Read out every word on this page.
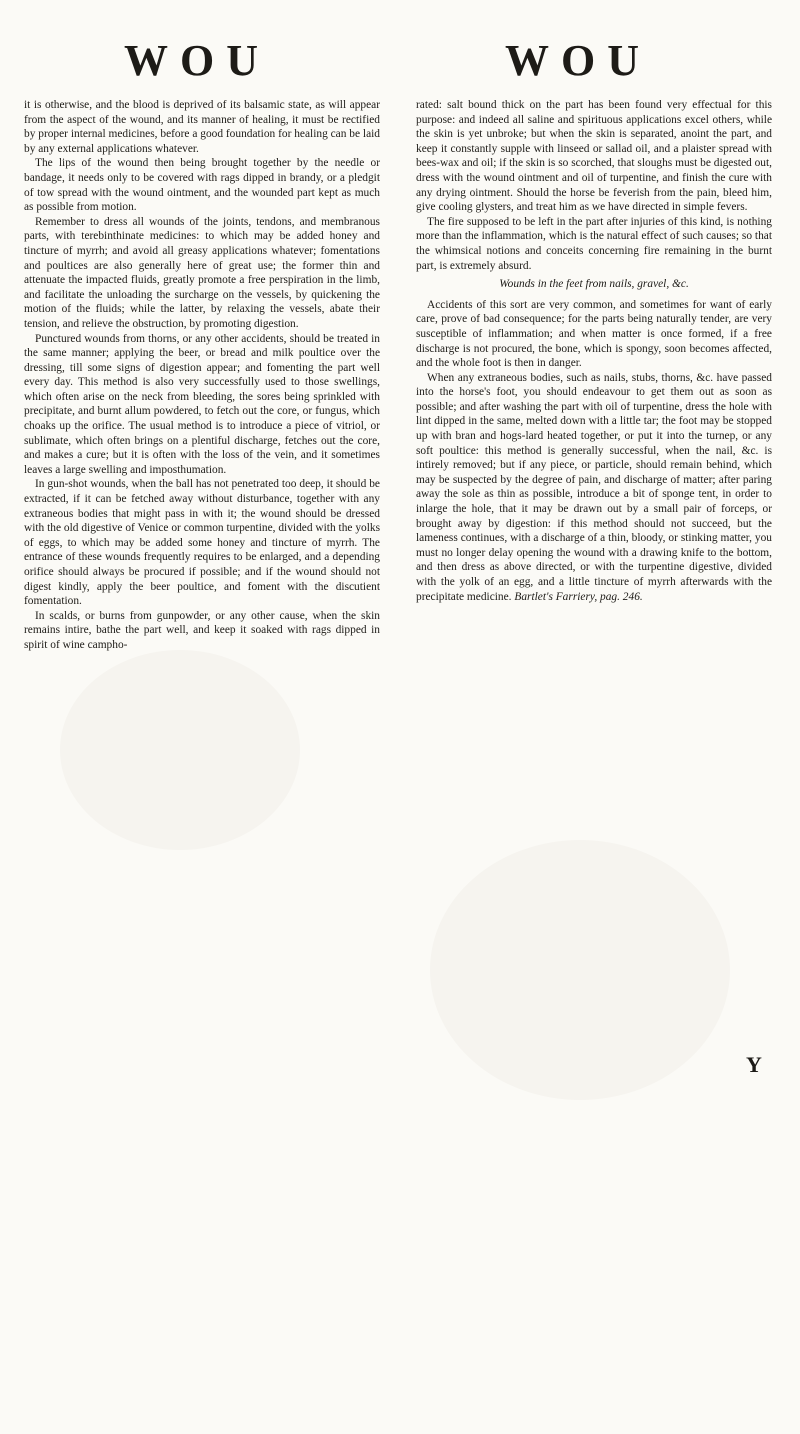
WOU	WOU

it is otherwise, and the blood is deprived of its balsamic state, as will appear from the aspect of the wound, and its manner of healing, it must be rectified by proper internal medicines, before a good foundation for healing can be laid by any external applications whatever.

The lips of the wound then being brought together by the needle or bandage, it needs only to be covered with rags dipped in brandy, or a pledgit of tow spread with the wound ointment, and the wounded part kept as much as possible from motion.

Remember to dress all wounds of the joints, tendons, and membranous parts, with terebinthinate medicines: to which may be added honey and tincture of myrrh; and avoid all greasy applications whatever; fomentations and poultices are also generally here of great use; the former thin and attenuate the impacted fluids, greatly promote a free perspiration in the limb, and facilitate the unloading the surcharge on the vessels, by quickening the motion of the fluids; while the latter, by relaxing the vessels, abate their tension, and relieve the obstruction, by promoting digestion.

Punctured wounds from thorns, or any other accidents, should be treated in the same manner; applying the beer, or bread and milk poultice over the dressing, till some signs of digestion appear; and fomenting the part well every day. This method is also very successfully used to those swellings, which often arise on the neck from bleeding, the sores being sprinkled with precipitate, and burnt allum powdered, to fetch out the core, or fungus, which choaks up the orifice. The usual method is to introduce a piece of vitriol, or sublimate, which often brings on a plentiful discharge, fetches out the core, and makes a cure; but it is often with the loss of the vein, and it sometimes leaves a large swelling and imposthumation.

In gun-shot wounds, when the ball has not penetrated too deep, it should be extracted, if it can be fetched away without disturbance, together with any extraneous bodies that might pass in with it; the wound should be dressed with the old digestive of Venice or common turpentine, divided with the yolks of eggs, to which may be added some honey and tincture of myrrh. The entrance of these wounds frequently requires to be enlarged, and a depending orifice should always be procured if possible; and if the wound should not digest kindly, apply the beer poultice, and foment with the discutient fomentation.

In scalds, or burns from gunpowder, or any other cause, when the skin remains intire, bathe the part well, and keep it soaked with rags dipped in spirit of wine campho-

rated: salt bound thick on the part has been found very effectual for this purpose: and indeed all saline and spirituous applications excel others, while the skin is yet unbroke; but when the skin is separated, anoint the part, and keep it constantly supple with linseed or sallad oil, and a plaister spread with bees-wax and oil; if the skin is so scorched, that sloughs must be digested out, dress with the wound ointment and oil of turpentine, and finish the cure with any drying ointment. Should the horse be feverish from the pain, bleed him, give cooling glysters, and treat him as we have directed in simple fevers.

The fire supposed to be left in the part after injuries of this kind, is nothing more than the inflammation, which is the natural effect of such causes; so that the whimsical notions and conceits concerning fire remaining in the burnt part, is extremely absurd.

Wounds in the feet from nails, gravel, &c.

Accidents of this sort are very common, and sometimes for want of early care, prove of bad consequence; for the parts being naturally tender, are very susceptible of inflammation; and when matter is once formed, if a free discharge is not procured, the bone, which is spongy, soon becomes affected, and the whole foot is then in danger.

When any extraneous bodies, such as nails, stubs, thorns, &c. have passed into the horse's foot, you should endeavour to get them out as soon as possible; and after washing the part with oil of turpentine, dress the hole with lint dipped in the same, melted down with a little tar; the foot may be stopped up with bran and hogs-lard heated together, or put it into the turnep, or any soft poultice: this method is generally successful, when the nail, &c. is intirely removed; but if any piece, or particle, should remain behind, which may be suspected by the degree of pain, and discharge of matter; after paring away the sole as thin as possible, introduce a bit of sponge tent, in order to inlarge the hole, that it may be drawn out by a small pair of forceps, or brought away by digestion: if this method should not succeed, but the lameness continues, with a discharge of a thin, bloody, or stinking matter, you must no longer delay opening the wound with a drawing knife to the bottom, and then dress as above directed, or with the turpentine digestive, divided with the yolk of an egg, and a little tincture of myrrh afterwards with the precipitate medicine. Bartlet's Farriery, pag. 246.

Y
